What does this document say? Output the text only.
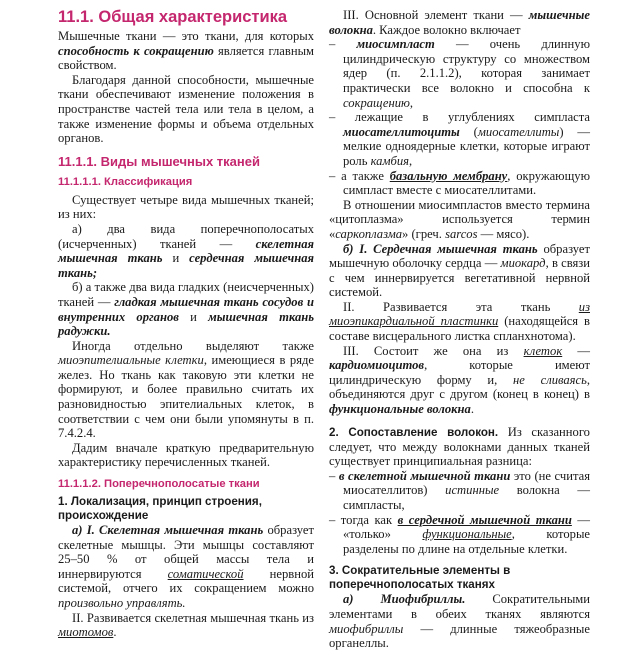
11.1. Общая характеристика

Мышечные ткани — это ткани, для которых способность к сокращению является главным свойством.

Благодаря данной способности, мышечные ткани обеспечивают изменение положения в пространстве частей тела или тела в целом, а также изменение формы и объема отдельных органов.

11.1.1. Виды мышечных тканей
11.1.1.1. Классификация

Существует четыре вида мышечных тканей; из них:

а) два вида поперечнополосатых (исчерченных) тканей — скелетная мышечная ткань и сердечная мышечная ткань;

б) а также два вида гладких (неисчерченных) тканей — гладкая мышечная ткань сосудов и внутренних органов и мышечная ткань радужки.

Иногда отдельно выделяют также миоэпителиальные клетки, имеющиеся в ряде желез. Но ткань как таковую эти клетки не формируют, и более правильно считать их разновидностью эпителиальных клеток, в соответствии с чем они были упомянуты в п. 7.4.2.4.

Дадим вначале краткую предварительную характеристику перечисленных тканей.

11.1.1.2. Поперечнополосатые ткани

1. Локализация, принцип строения, происхождение

а) I. Скелетная мышечная ткань образует скелетные мышцы. Эти мышцы составляют 25–50 % от общей массы тела и иннервируются соматической нервной системой, отчего их сокращением можно произвольно управлять.

II. Развивается скелетная мышечная ткань из миотомов.

III. Основной элемент ткани — мышечные волокна. Каждое волокно включает

– миосимпласт — очень длинную цилиндрическую структуру со множеством ядер (п. 2.1.1.2), которая занимает практически все волокно и способна к сокращению,

– лежащие в углублениях симпласта миосателлитоциты (миосателлиты) — мелкие одноядерные клетки, которые играют роль камбия,

– а также базальную мембрану, окружающую симпласт вместе с миосателлитами.

В отношении миосимпластов вместо термина «цитоплазма» используется термин «саркоплазма» (греч. sarcos — мясо).

б) I. Сердечная мышечная ткань образует мышечную оболочку сердца — миокард, в связи с чем иннервируется вегетативной нервной системой.

II. Развивается эта ткань из миоэпикардиальной пластинки (находящейся в составе висцерального листка спланхнотома).

III. Состоит же она из клеток — кардиомиоцитов, которые имеют цилиндрическую форму и, не сливаясь, объединяются друг с другом (конец в конец) в функциональные волокна.

2. Сопоставление волокон. Из сказанного следует, что между волокнами данных тканей существует принципиальная разница:

– в скелетной мышечной ткани это (не считая миосателлитов) истинные волокна — симпласты,

– тогда как в сердечной мышечной ткани — «только» функциональные, которые разделены по длине на отдельные клетки.

3. Сократительные элементы в поперечнополосатых тканях

а) Миофибриллы. Сократительными элементами в обеих тканях являются миофибриллы — длинные тяжеобразные органеллы.
